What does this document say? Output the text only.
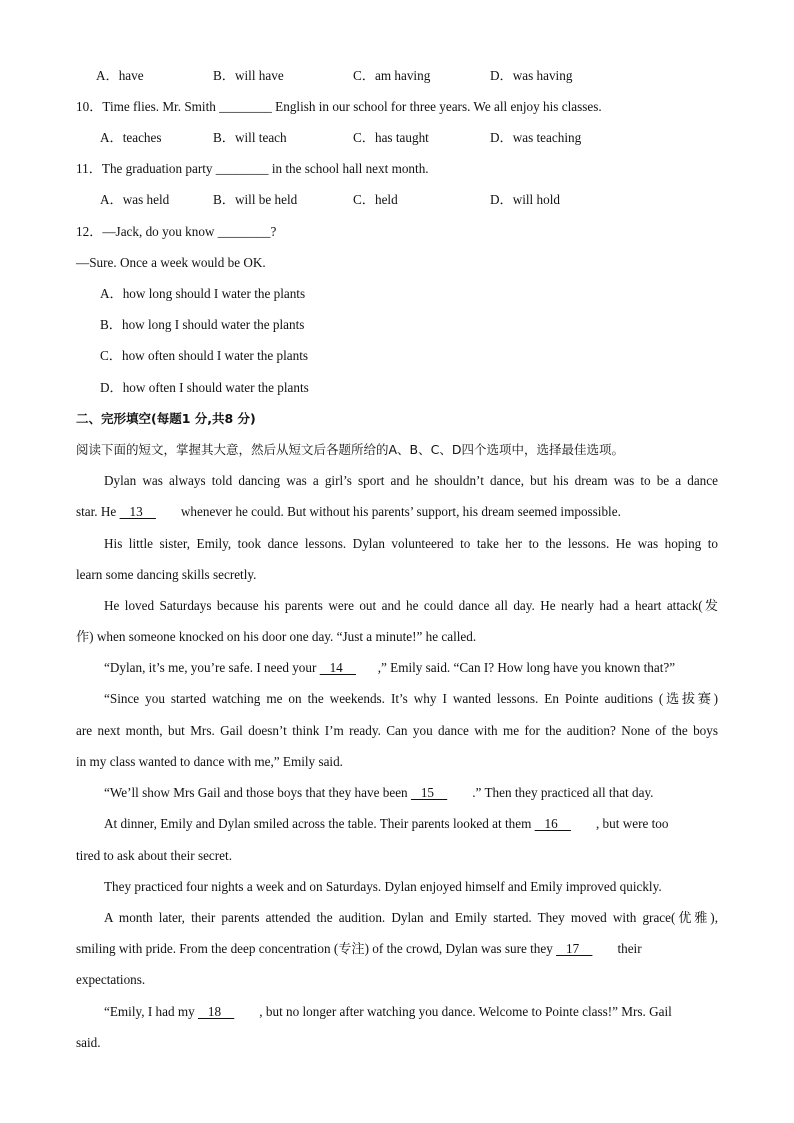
A．have	B．will have	C．am having	D．was having
10．Time flies. Mr. Smith ________ English in our school for three years. We all enjoy his classes.
A．teaches	B．will teach	C．has taught	D．was teaching
11．The graduation party ________ in the school hall next month.
A．was held	B．will be held	C．held	D．will hold
12．—Jack, do you know ________?
—Sure. Once a week would be OK.
A．how long should I water the plants
B．how long I should water the plants
C．how often should I water the plants
D．how often I should water the plants
二、完形填空(每题1 分,共8 分)
阅读下面的短文，掌握其大意，然后从短文后各题所给的A、B、C、D四个选项中，选择最佳选项。
Dylan was always told dancing was a girl’s sport and he shouldn’t dance, but his dream was to be a dance
star. He    13     whenever he could. But without his parents’ support, his dream seemed impossible.
His little sister, Emily, took dance lessons. Dylan volunteered to take her to the lessons. He was hoping to
learn some dancing skills secretly.
He loved Saturdays because his parents were out and he could dance all day. He nearly had a heart attack(发
作) when someone knocked on his door one day. “Just a minute!” he called.
“Dylan, it’s me, you’re safe. I need your    14    ,” Emily said. “Can I? How long have you known that?”
“Since you started watching me on the weekends. It’s why I wanted lessons. En Pointe auditions (选拔赛)
are next month, but Mrs. Gail doesn’t think I’m ready. Can you dance with me for the audition? None of the boys
in my class wanted to dance with me,” Emily said.
“We’ll show Mrs Gail and those boys that they have been    15     .” Then they practiced all that day.
At dinner, Emily and Dylan smiled across the table. Their parents looked at them    16     , but were too
tired to ask about their secret.
They practiced four nights a week and on Saturdays. Dylan enjoyed himself and Emily improved quickly.
A month later, their parents attended the audition. Dylan and Emily started. They moved with grace(优雅),
smiling with pride. From the deep concentration (专注) of the crowd, Dylan was sure they    17     their
expectations.
“Emily, I had my    18     , but no longer after watching you dance. Welcome to Pointe class!” Mrs. Gail
said.
